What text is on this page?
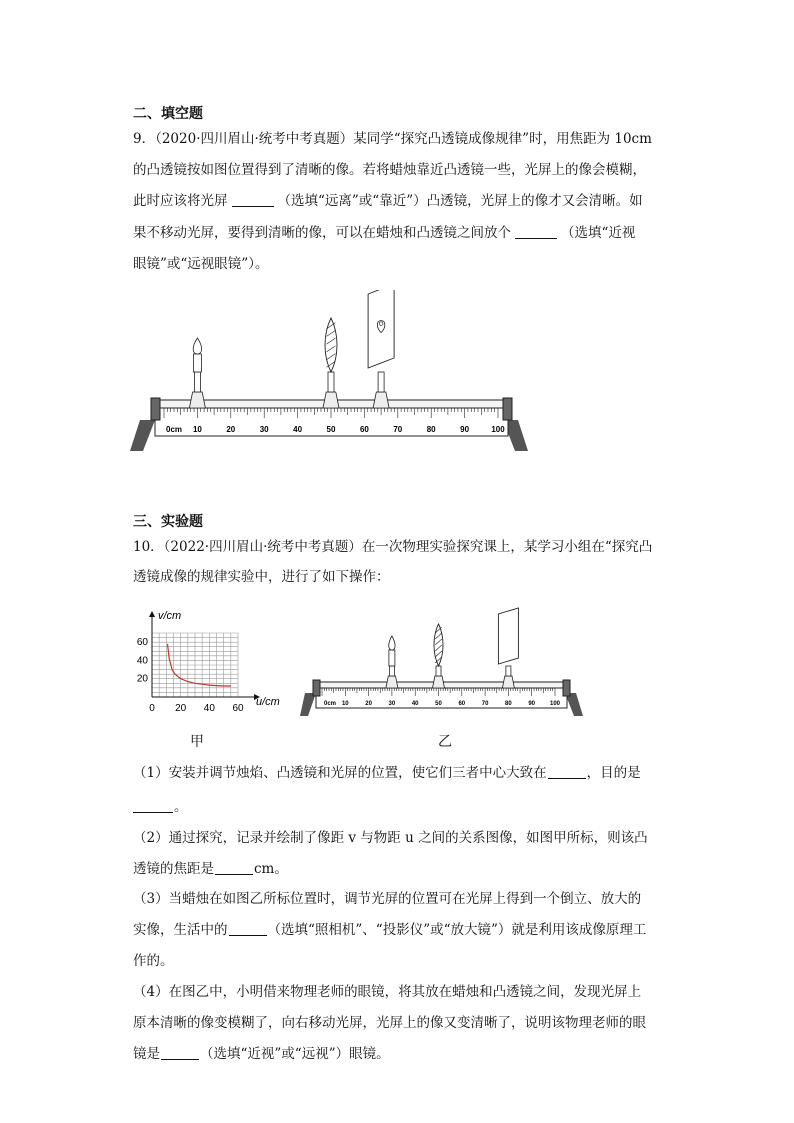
二、填空题
9．（2020·四川眉山·统考中考真题）某同学“探究凸透镜成像规律”时，用焦距为 10cm
的凸透镜按如图位置得到了清晰的像。若将蜡烛靠近凸透镜一些，光屏上的像会模糊，
此时应该将光屏	（选填“远离”或“靠近”）凸透镜，光屏上的像才又会清晰。如
果不移动光屏，要得到清晰的像，可以在蜡烛和凸透镜之间放个	（选填“近视
眼镜”或“远视眼镜”）。
0cm 10	20	30	40	50	60	70	80	90	100
三、实验题
10．（2022·四川眉山·统考中考真题）在一次物理实验探究课上，某学习小组在“探究凸
透镜成像的规律实验中，进行了如下操作：
0 20 40 60
20
40
60
v/cm
u/cm
甲
0cm 10	20	30	40	50	60	70	80	90 100
乙
（1）安装并调节烛焰、凸透镜和光屏的位置，使它们三者中心大致在	，目的是
。
（2）通过探究，记录并绘制了像距 v 与物距 u 之间的关系图像，如图甲所标，则该凸
透镜的焦距是	cm。
（3）当蜡烛在如图乙所标位置时，调节光屏的位置可在光屏上得到一个倒立、放大的
实像，生活中的	（选填“照相机”、“投影仪”或“放大镜”）就是利用该成像原理工
作的。
（4）在图乙中，小明借来物理老师的眼镜，将其放在蜡烛和凸透镜之间，发现光屏上
原本清晰的像变模糊了，向右移动光屏，光屏上的像又变清晰了，说明该物理老师的眼
镜是	（选填“近视”或“远视”）眼镜。
